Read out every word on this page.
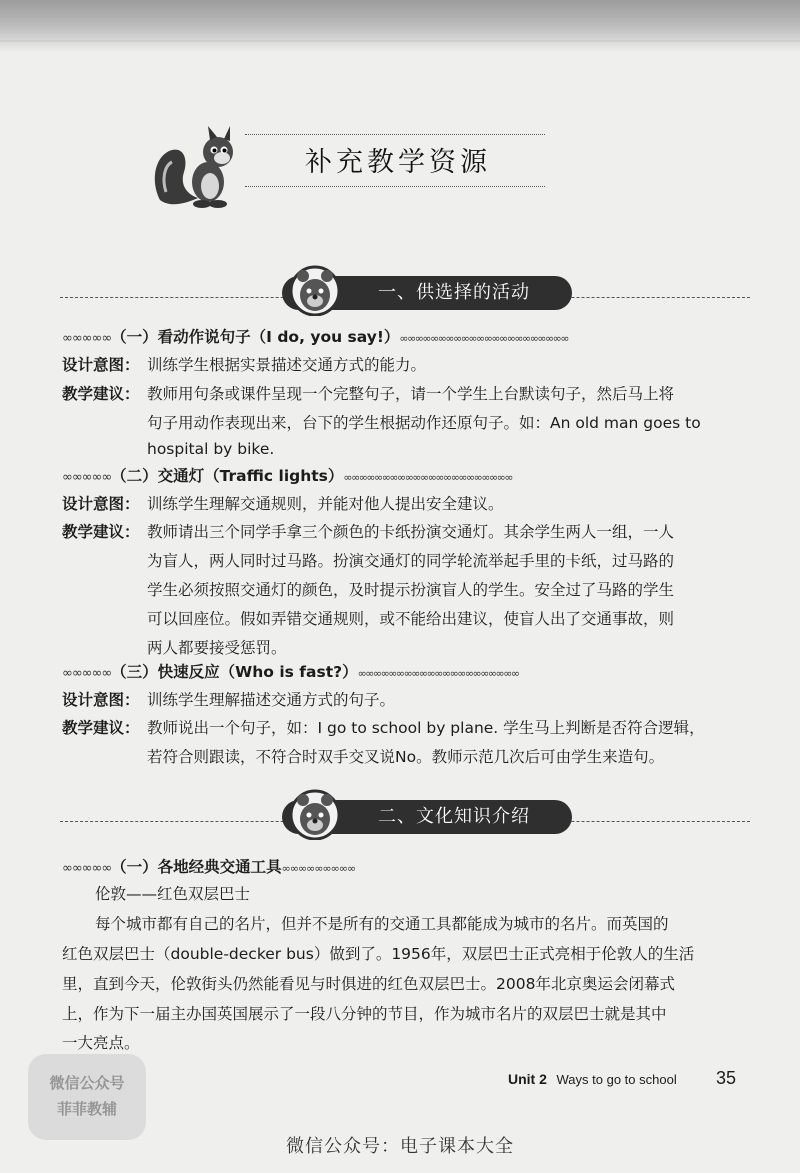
补充教学资源
一、供选择的活动
∞∞∞∞∞（一）看动作说句子（I do, you say!）∞∞∞∞∞∞∞∞∞∞∞∞∞∞∞∞∞∞∞∞∞∞
设计意图： 训练学生根据实景描述交通方式的能力。
教学建议： 教师用句条或课件呈现一个完整句子，请一个学生上台默读句子，然后马上将
句子用动作表现出来，台下的学生根据动作还原句子。如：An old man goes to
hospital by bike.
∞∞∞∞∞（二）交通灯（Traffic lights）∞∞∞∞∞∞∞∞∞∞∞∞∞∞∞∞∞∞∞∞∞∞
设计意图： 训练学生理解交通规则，并能对他人提出安全建议。
教学建议： 教师请出三个同学手拿三个颜色的卡纸扮演交通灯。其余学生两人一组，一人
为盲人，两人同时过马路。扮演交通灯的同学轮流举起手里的卡纸，过马路的
学生必须按照交通灯的颜色，及时提示扮演盲人的学生。安全过了马路的学生
可以回座位。假如弄错交通规则，或不能给出建议，使盲人出了交通事故，则
两人都要接受惩罚。
∞∞∞∞∞（三）快速反应（Who is fast?）∞∞∞∞∞∞∞∞∞∞∞∞∞∞∞∞∞∞∞∞∞
设计意图： 训练学生理解描述交通方式的句子。
教学建议： 教师说出一个句子，如：I go to school by plane. 学生马上判断是否符合逻辑，
若符合则跟读，不符合时双手交叉说No。教师示范几次后可由学生来造句。
二、文化知识介绍
∞∞∞∞∞（一）各地经典交通工具∞∞∞∞∞∞∞∞∞
伦敦——红色双层巴士
每个城市都有自己的名片，但并不是所有的交通工具都能成为城市的名片。而英国的
红色双层巴士（double-decker bus）做到了。1956年，双层巴士正式亮相于伦敦人的生活
里，直到今天，伦敦街头仍然能看见与时俱进的红色双层巴士。2008年北京奥运会闭幕式
上，作为下一届主办国英国展示了一段八分钟的节目，作为城市名片的双层巴士就是其中
一大亮点。
微信公众号
菲菲教辅
Unit 2 Ways to go to school 35
微信公众号：电子课本大全
